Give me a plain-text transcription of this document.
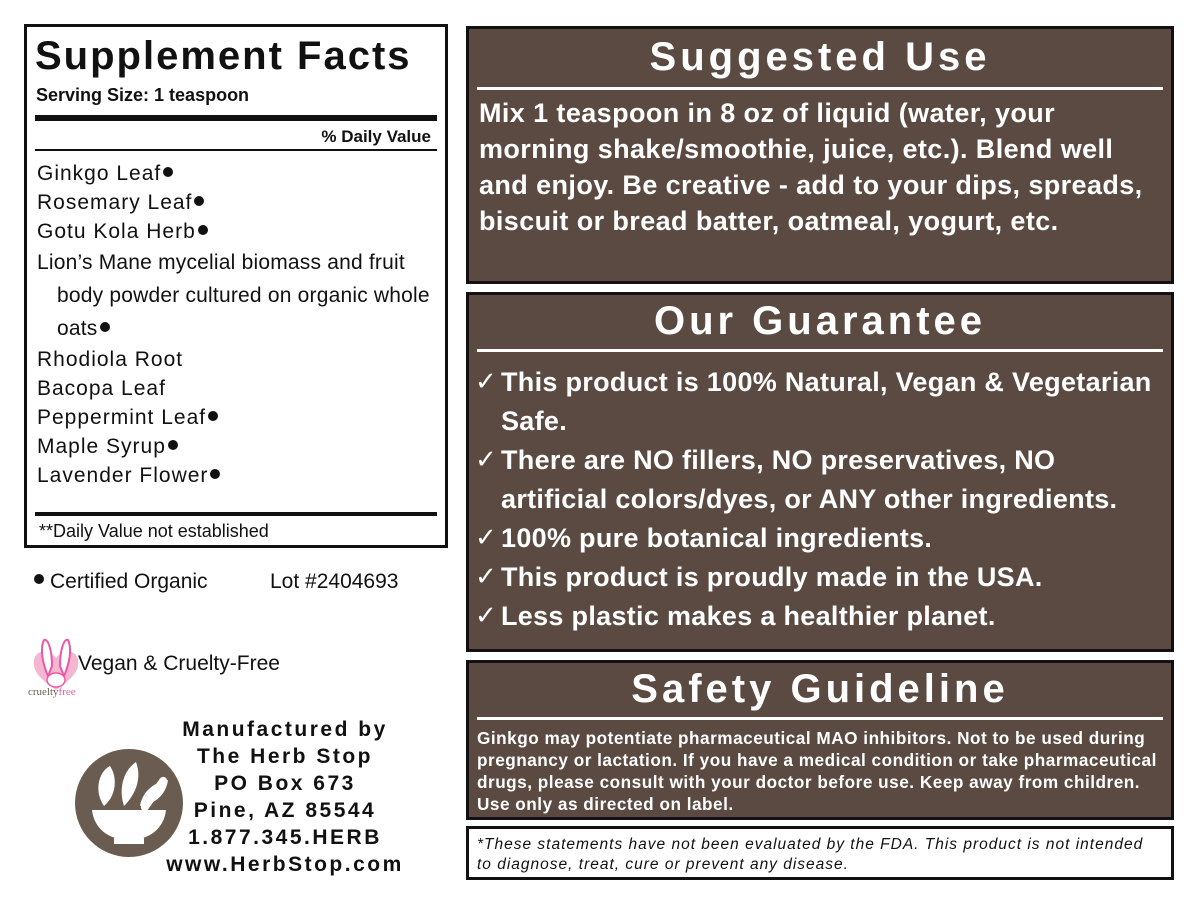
Supplement Facts
Serving Size: 1 teaspoon
% Daily Value
Ginkgo Leaf
Rosemary Leaf
Gotu Kola Herb
Lion’s Mane mycelial biomass and fruit body powder cultured on organic whole oats
Rhodiola Root
Bacopa Leaf
Peppermint Leaf
Maple Syrup
Lavender Flower
**Daily Value not established
Certified Organic	Lot #2404693
crueltyfree
Vegan & Cruelty-Free
Manufactured by
The Herb Stop
PO Box 673
Pine, AZ 85544
1.877.345.HERB
www.HerbStop.com
Suggested Use
Mix 1 teaspoon in 8 oz of liquid (water, your morning shake/smoothie, juice, etc.). Blend well and enjoy. Be creative - add to your dips, spreads, biscuit or bread batter, oatmeal, yogurt, etc.
Our Guarantee
✓ This product is 100% Natural, Vegan & Vegetarian Safe.
✓ There are NO fillers, NO preservatives, NO artificial colors/dyes, or ANY other ingredients.
✓ 100% pure botanical ingredients.
✓ This product is proudly made in the USA.
✓ Less plastic makes a healthier planet.
Safety Guideline
Ginkgo may potentiate pharmaceutical MAO inhibitors. Not to be used during pregnancy or lactation. If you have a medical condition or take pharmaceutical drugs, please consult with your doctor before use. Keep away from children. Use only as directed on label.
*These statements have not been evaluated by the FDA. This product is not intended to diagnose, treat, cure or prevent any disease.
